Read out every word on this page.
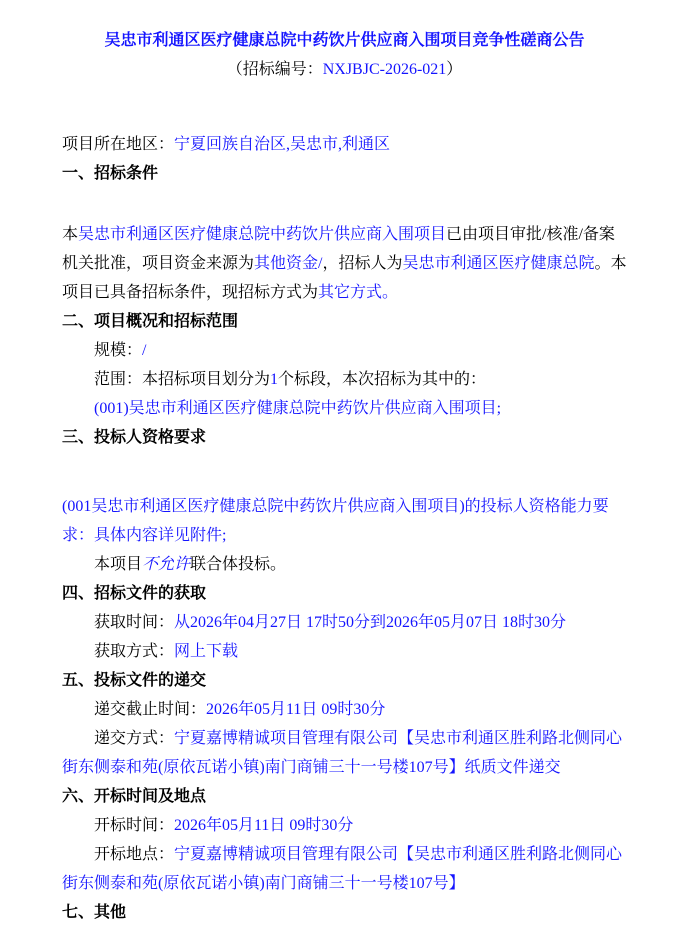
吴忠市利通区医疗健康总院中药饮片供应商入围项目竞争性磋商公告

（招标编号：NXJBJC-2026-021）

项目所在地区：宁夏回族自治区,吴忠市,利通区

一、招标条件

本吴忠市利通区医疗健康总院中药饮片供应商入围项目已由项目审批/核准/备案机关批准，项目资金来源为其他资金/，招标人为吴忠市利通区医疗健康总院。本项目已具备招标条件，现招标方式为其它方式。

二、项目概况和招标范围

规模：/

范围：本招标项目划分为1个标段，本次招标为其中的：

(001)吴忠市利通区医疗健康总院中药饮片供应商入围项目;

三、投标人资格要求

(001吴忠市利通区医疗健康总院中药饮片供应商入围项目)的投标人资格能力要求：具体内容详见附件;

本项目不允许联合体投标。

四、招标文件的获取

获取时间：从2026年04月27日 17时50分到2026年05月07日 18时30分

获取方式：网上下载

五、投标文件的递交

递交截止时间：2026年05月11日 09时30分

递交方式：宁夏嘉博精诚项目管理有限公司【吴忠市利通区胜利路北侧同心街东侧泰和苑(原依瓦诺小镇)南门商铺三十一号楼107号】纸质文件递交

六、开标时间及地点

开标时间：2026年05月11日 09时30分

开标地点：宁夏嘉博精诚项目管理有限公司【吴忠市利通区胜利路北侧同心街东侧泰和苑(原依瓦诺小镇)南门商铺三十一号楼107号】

七、其他
